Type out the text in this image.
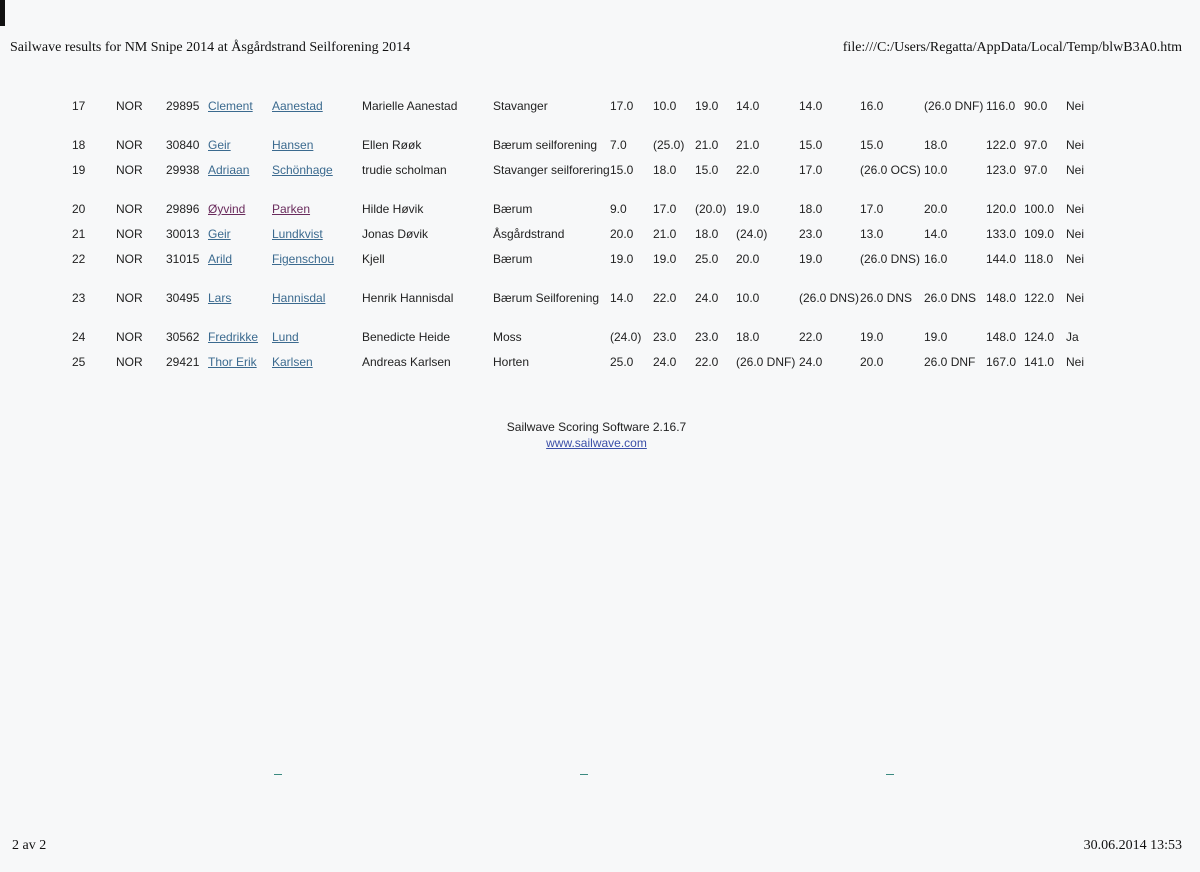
Sailwave results for NM Snipe 2014 at Åsgårdstrand Seilforening 2014	file:///C:/Users/Regatta/AppData/Local/Temp/blwB3A0.htm
17	NOR	29895	Clement	Aanestad	Marielle Aanestad	Stavanger	17.0	10.0	19.0	14.0	14.0	16.0	(26.0 DNF)	116.0	90.0	Nei
18	NOR	30840	Geir	Hansen	Ellen Røøk	Bærum seilforening	7.0	(25.0)	21.0	21.0	15.0	15.0	18.0	122.0	97.0	Nei
19	NOR	29938	Adriaan	Schönhage	trudie scholman	Stavanger seilforering	15.0	18.0	15.0	22.0	17.0	(26.0 OCS)	10.0	123.0	97.0	Nei
20	NOR	29896	Øyvind	Parken	Hilde Høvik	Bærum	9.0	17.0	(20.0)	19.0	18.0	17.0	20.0	120.0	100.0	Nei
21	NOR	30013	Geir	Lundkvist	Jonas Døvik	Åsgårdstrand	20.0	21.0	18.0	(24.0)	23.0	13.0	14.0	133.0	109.0	Nei
22	NOR	31015	Arild	Figenschou	Kjell	Bærum	19.0	19.0	25.0	20.0	19.0	(26.0 DNS)	16.0	144.0	118.0	Nei
23	NOR	30495	Lars	Hannisdal	Henrik Hannisdal	Bærum Seilforening	14.0	22.0	24.0	10.0	(26.0 DNS)	26.0 DNS	26.0 DNS	148.0	122.0	Nei
24	NOR	30562	Fredrikke	Lund	Benedicte Heide	Moss	(24.0)	23.0	23.0	18.0	22.0	19.0	19.0	148.0	124.0	Ja
25	NOR	29421	Thor Erik	Karlsen	Andreas Karlsen	Horten	25.0	24.0	22.0	(26.0 DNF)	24.0	20.0	26.0 DNF	167.0	141.0	Nei
Sailwave Scoring Software 2.16.7
www.sailwave.com
2 av 2	30.06.2014 13:53
